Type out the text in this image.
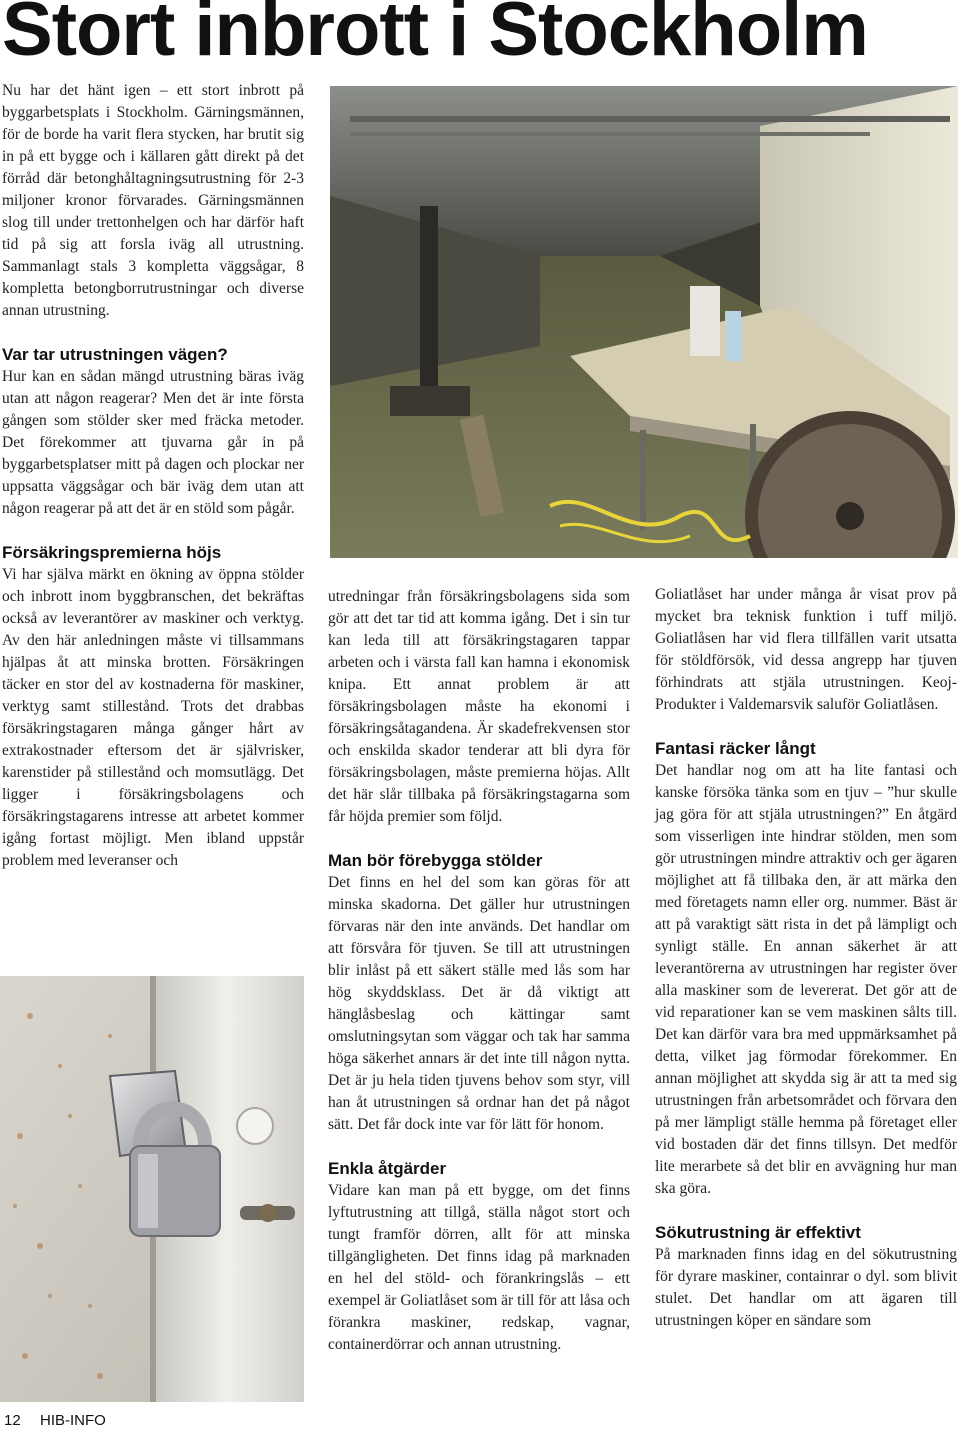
Stort inbrott i Stockholm

Nu har det hänt igen – ett stort inbrott på byggarbetsplats i Stockholm. Gärningsmännen, för de borde ha varit flera stycken, har brutit sig in på ett bygge och i källaren gått direkt på det förråd där betonghåltagningsutrustning för 2-3 miljoner kronor förvarades. Gärningsmännen slog till under trettonhelgen och har därför haft tid på sig att forsla iväg all utrustning. Sammanlagt stals 3 kompletta väggsågar, 8 kompletta betongborrutrustningar och diverse annan utrustning.

Var tar utrustningen vägen?

Hur kan en sådan mängd utrustning bäras iväg utan att någon reagerar? Men det är inte första gången som stölder sker med fräcka metoder. Det förekommer att tjuvarna går in på byggarbetsplatser mitt på dagen och plockar ner uppsatta väggsågar och bär iväg dem utan att någon reagerar på att det är en stöld som pågår.

Försäkringspremierna höjs

Vi har själva märkt en ökning av öppna stölder och inbrott inom byggbranschen, det bekräftas också av leverantörer av maskiner och verktyg. Av den här anledningen måste vi tillsammans hjälpas åt att minska brotten. Försäkringen täcker en stor del av kostnaderna för maskiner, verktyg samt stillestånd. Trots det drabbas försäkringstagaren många gånger hårt av extrakostnader eftersom det är självrisker, karenstider på stillestånd och momsutlägg. Det ligger i försäkringsbolagens och försäkringstagarens intresse att arbetet kommer igång fortast möjligt. Men ibland uppstår problem med leveranser och

utredningar från försäkringsbolagens sida som gör att det tar tid att komma igång. Det i sin tur kan leda till att försäkringstagaren tappar arbeten och i värsta fall kan hamna i ekonomisk knipa. Ett annat problem är att försäkringsbolagen måste ha ekonomi i försäkringsåtagandena. Är skadefrekvensen stor och enskilda skador tenderar att bli dyra för försäkringsbolagen, måste premierna höjas. Allt det här slår tillbaka på försäkringstagarna som får höjda premier som följd.

Man bör förebygga stölder

Det finns en hel del som kan göras för att minska skadorna. Det gäller hur utrustningen förvaras när den inte används. Det handlar om att försvåra för tjuven. Se till att utrustningen blir inlåst på ett säkert ställe med lås som har hög skyddsklass. Det är då viktigt att hänglåsbeslag och kättingar samt omslutningsytan som väggar och tak har samma höga säkerhet annars är det inte till någon nytta. Det är ju hela tiden tjuvens behov som styr, vill han åt utrustningen så ordnar han det på något sätt. Det får dock inte var för lätt för honom.

Enkla åtgärder

Vidare kan man på ett bygge, om det finns lyftutrustning att tillgå, ställa något stort och tungt framför dörren, allt för att minska tillgängligheten. Det finns idag på marknaden en hel del stöld- och förankringslås – ett exempel är Goliatlåset som är till för att låsa och förankra maskiner, redskap, vagnar, containerdörrar och annan utrustning.

Goliatlåset har under många år visat prov på mycket bra teknisk funktion i tuff miljö. Goliatlåsen har vid flera tillfällen varit utsatta för stöldförsök, vid dessa angrepp har tjuven förhindrats att stjäla utrustningen. Keoj-Produkter i Valdemarsvik saluför Goliatlåsen.

Fantasi räcker långt

Det handlar nog om att ha lite fantasi och kanske försöka tänka som en tjuv – ”hur skulle jag göra för att stjäla utrustningen?” En åtgärd som visserligen inte hindrar stölden, men som gör utrustningen mindre attraktiv och ger ägaren möjlighet att få tillbaka den, är att märka den med företagets namn eller org. nummer. Bäst är att på varaktigt sätt rista in det på lämpligt och synligt ställe. En annan säkerhet är att leverantörerna av utrustningen har register över alla maskiner som de levererat. Det gör att de vid reparationer kan se vem maskinen sålts till. Det kan därför vara bra med uppmärksamhet på detta, vilket jag förmodar förekommer. En annan möjlighet att skydda sig är att ta med sig utrustningen från arbetsområdet och förvara den på mer lämpligt ställe hemma på företaget eller vid bostaden där det finns tillsyn. Det medför lite merarbete så det blir en avvägning hur man ska göra.

Sökutrustning är effektivt

På marknaden finns idag en del sökutrustning för dyrare maskiner, containrar o dyl. som blivit stulet. Det handlar om att ägaren till utrustningen köper en sändare som

12 HIB-INFO
